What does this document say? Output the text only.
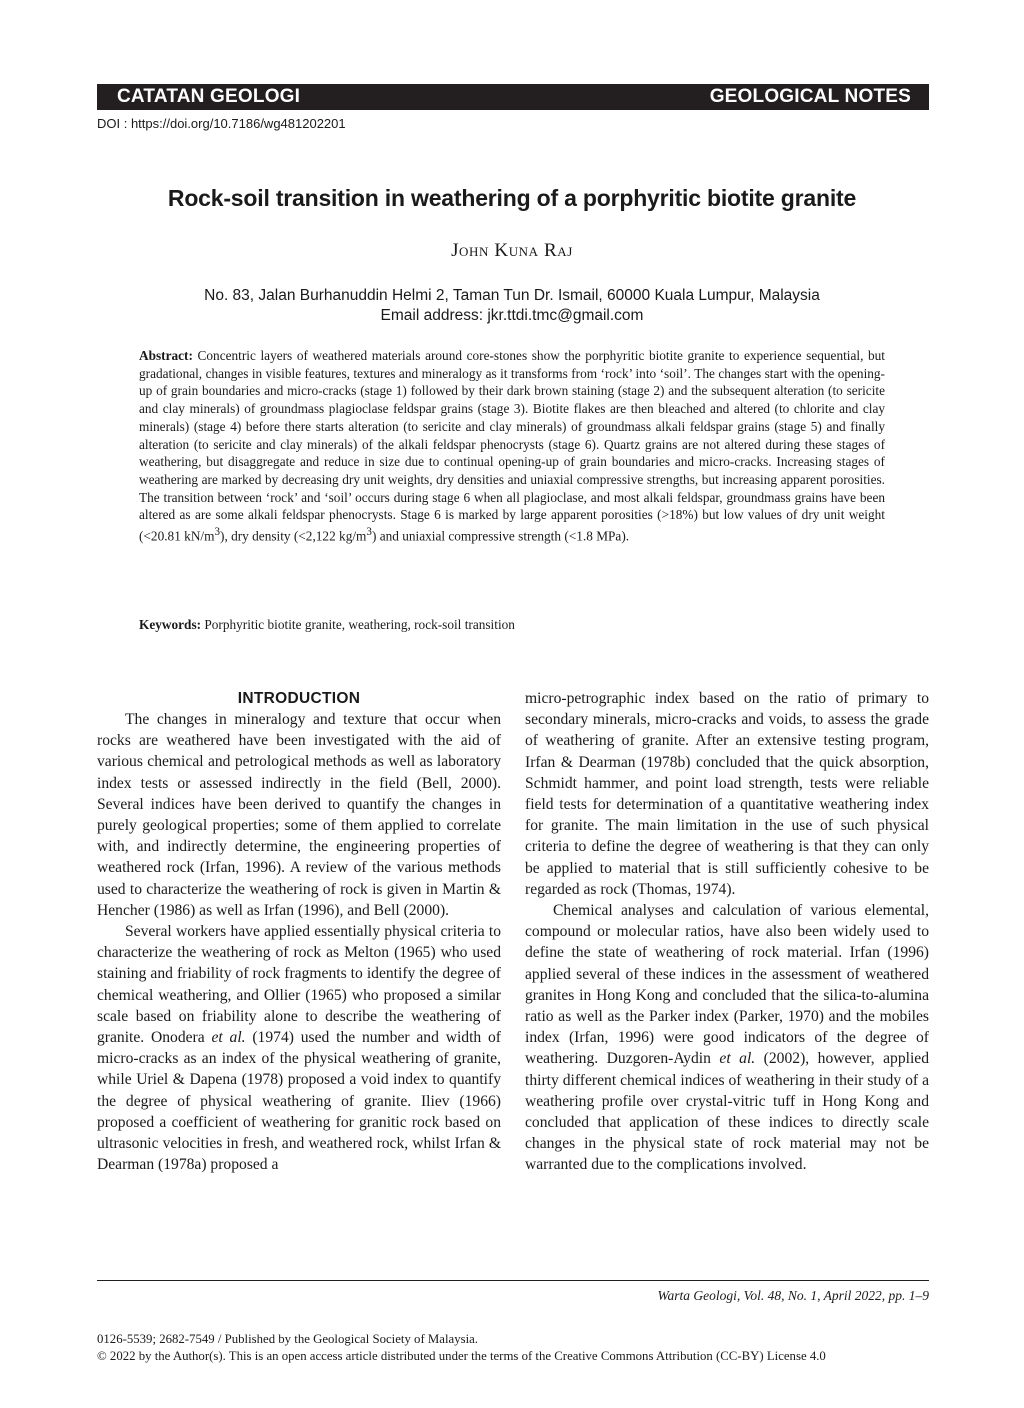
CATATAN GEOLOGI	GEOLOGICAL NOTES
DOI : https://doi.org/10.7186/wg481202201
Rock-soil transition in weathering of a porphyritic biotite granite
John Kuna Raj
No. 83, Jalan Burhanuddin Helmi 2, Taman Tun Dr. Ismail, 60000 Kuala Lumpur, Malaysia
Email address: jkr.ttdi.tmc@gmail.com
Abstract: Concentric layers of weathered materials around core-stones show the porphyritic biotite granite to experience sequential, but gradational, changes in visible features, textures and mineralogy as it transforms from ‘rock’ into ‘soil’. The changes start with the opening-up of grain boundaries and micro-cracks (stage 1) followed by their dark brown staining (stage 2) and the subsequent alteration (to sericite and clay minerals) of groundmass plagioclase feldspar grains (stage 3). Biotite flakes are then bleached and altered (to chlorite and clay minerals) (stage 4) before there starts alteration (to sericite and clay minerals) of groundmass alkali feldspar grains (stage 5) and finally alteration (to sericite and clay minerals) of the alkali feldspar phenocrysts (stage 6). Quartz grains are not altered during these stages of weathering, but disaggregate and reduce in size due to continual opening-up of grain boundaries and micro-cracks. Increasing stages of weathering are marked by decreasing dry unit weights, dry densities and uniaxial compressive strengths, but increasing apparent porosities. The transition between ‘rock’ and ‘soil’ occurs during stage 6 when all plagioclase, and most alkali feldspar, groundmass grains have been altered as are some alkali feldspar phenocrysts. Stage 6 is marked by large apparent porosities (>18%) but low values of dry unit weight (<20.81 $kN/m^3$), dry density (<2,122 $kg/m^3$) and uniaxial compressive strength (<1.8 MPa).
Keywords: Porphyritic biotite granite, weathering, rock-soil transition
INTRODUCTION

The changes in mineralogy and texture that occur when rocks are weathered have been investigated with the aid of various chemical and petrological methods as well as laboratory index tests or assessed indirectly in the field (Bell, 2000). Several indices have been derived to quantify the changes in purely geological properties; some of them applied to correlate with, and indirectly determine, the engineering properties of weathered rock (Irfan, 1996). A review of the various methods used to characterize the weathering of rock is given in Martin & Hencher (1986) as well as Irfan (1996), and Bell (2000).

Several workers have applied essentially physical criteria to characterize the weathering of rock as Melton (1965) who used staining and friability of rock fragments to identify the degree of chemical weathering, and Ollier (1965) who proposed a similar scale based on friability alone to describe the weathering of granite. Onodera et al. (1974) used the number and width of micro-cracks as an index of the physical weathering of granite, while Uriel & Dapena (1978) proposed a void index to quantify the degree of physical weathering of granite. Iliev (1966) proposed a coefficient of weathering for granitic rock based on ultrasonic velocities in fresh, and weathered rock, whilst Irfan & Dearman (1978a) proposed a

micro-petrographic index based on the ratio of primary to secondary minerals, micro-cracks and voids, to assess the grade of weathering of granite. After an extensive testing program, Irfan & Dearman (1978b) concluded that the quick absorption, Schmidt hammer, and point load strength, tests were reliable field tests for determination of a quantitative weathering index for granite. The main limitation in the use of such physical criteria to define the degree of weathering is that they can only be applied to material that is still sufficiently cohesive to be regarded as rock (Thomas, 1974).

Chemical analyses and calculation of various elemental, compound or molecular ratios, have also been widely used to define the state of weathering of rock material. Irfan (1996) applied several of these indices in the assessment of weathered granites in Hong Kong and concluded that the silica-to-alumina ratio as well as the Parker index (Parker, 1970) and the mobiles index (Irfan, 1996) were good indicators of the degree of weathering. Duzgoren-Aydin et al. (2002), however, applied thirty different chemical indices of weathering in their study of a weathering profile over crystal-vitric tuff in Hong Kong and concluded that application of these indices to directly scale changes in the physical state of rock material may not be warranted due to the complications involved.

Warta Geologi, Vol. 48, No. 1, April 2022, pp. 1–9
0126-5539; 2682-7549 / Published by the Geological Society of Malaysia.
© 2022 by the Author(s). This is an open access article distributed under the terms of the Creative Commons Attribution (CC-BY) License 4.0
